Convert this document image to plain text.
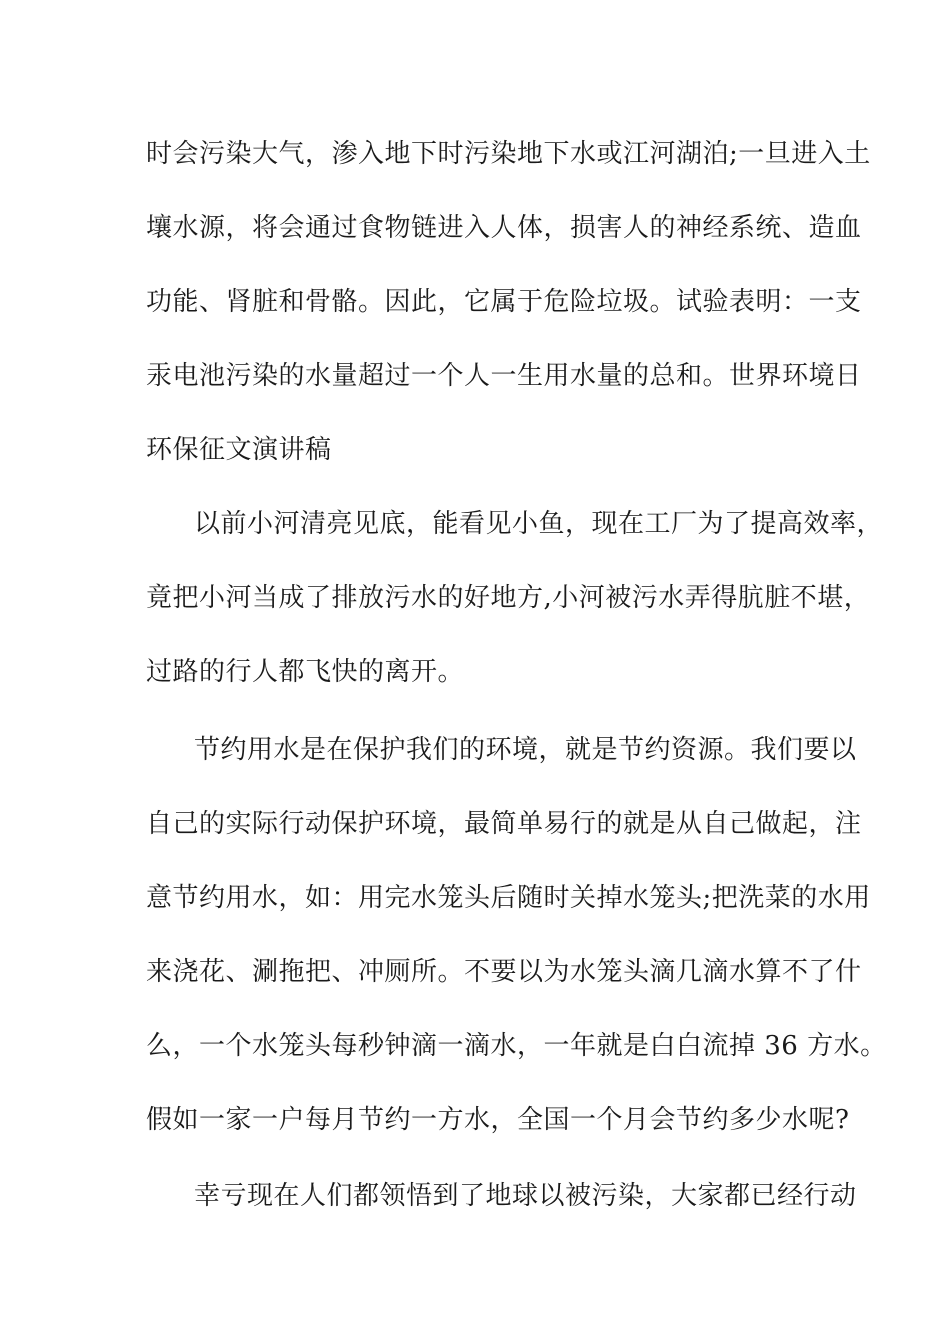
时会污染大气，渗入地下时污染地下水或江河湖泊;一旦进入土
壤水源，将会通过食物链进入人体，损害人的神经系统、造血
功能、肾脏和骨骼。因此，它属于危险垃圾。试验表明：一支
汞电池污染的水量超过一个人一生用水量的总和。世界环境日
环保征文演讲稿
以前小河清亮见底，能看见小鱼，现在工厂为了提高效率，
竟把小河当成了排放污水的好地方,小河被污水弄得肮脏不堪，
过路的行人都飞快的离开。
节约用水是在保护我们的环境，就是节约资源。我们要以
自己的实际行动保护环境，最简单易行的就是从自己做起，注
意节约用水，如：用完水笼头后随时关掉水笼头;把洗菜的水用
来浇花、涮拖把、冲厕所。不要以为水笼头滴几滴水算不了什
么，一个水笼头每秒钟滴一滴水，一年就是白白流掉 36 方水。
假如一家一户每月节约一方水，全国一个月会节约多少水呢?
幸亏现在人们都领悟到了地球以被污染，大家都已经行动
